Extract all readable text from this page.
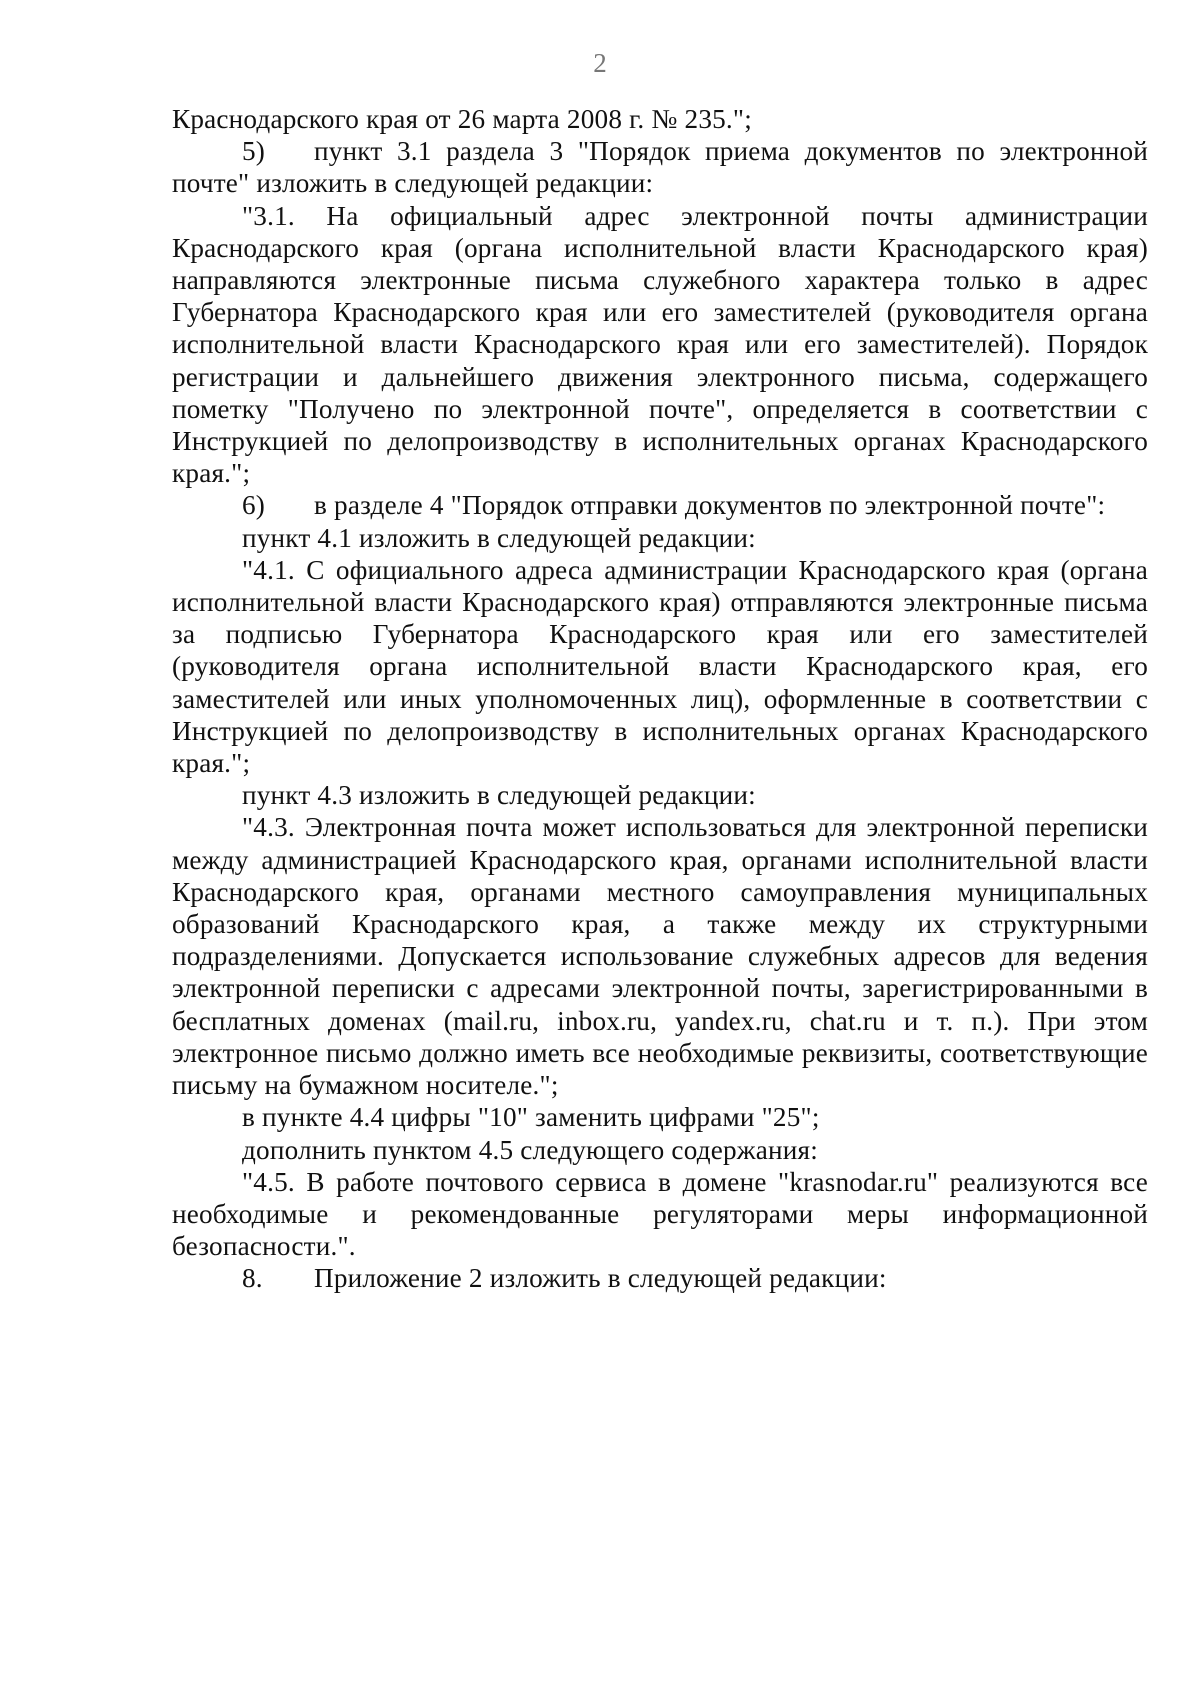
2

Краснодарского края от 26 марта 2008 г. № 235.";

5) пункт 3.1 раздела 3 "Порядок приема документов по электронной почте" изложить в следующей редакции:

"3.1. На официальный адрес электронной почты администрации Краснодарского края (органа исполнительной власти Краснодарского края) направляются электронные письма служебного характера только в адрес Губернатора Краснодарского края или его заместителей (руководителя органа исполнительной власти Краснодарского края или его заместителей). Порядок регистрации и дальнейшего движения электронного письма, содержащего пометку "Получено по электронной почте", определяется в соответствии с Инструкцией по делопроизводству в исполнительных органах Краснодарского края.";

6) в разделе 4 "Порядок отправки документов по электронной почте":

пункт 4.1 изложить в следующей редакции:

"4.1. С официального адреса администрации Краснодарского края (органа исполнительной власти Краснодарского края) отправляются электронные письма за подписью Губернатора Краснодарского края или его заместителей (руководителя органа исполнительной власти Краснодарского края, его заместителей или иных уполномоченных лиц), оформленные в соответствии с Инструкцией по делопроизводству в исполнительных органах Краснодарского края.";

пункт 4.3 изложить в следующей редакции:

"4.3. Электронная почта может использоваться для электронной переписки между администрацией Краснодарского края, органами исполнительной власти Краснодарского края, органами местного самоуправления муниципальных образований Краснодарского края, а также между их структурными подразделениями. Допускается использование служебных адресов для ведения электронной переписки с адресами электронной почты, зарегистрированными в бесплатных доменах (mail.ru, inbox.ru, yandex.ru, chat.ru и т. п.). При этом электронное письмо должно иметь все необходимые реквизиты, соответствующие письму на бумажном носителе.";

в пункте 4.4 цифры "10" заменить цифрами "25";

дополнить пунктом 4.5 следующего содержания:

"4.5. В работе почтового сервиса в домене "krasnodar.ru" реализуются все необходимые и рекомендованные регуляторами меры информационной безопасности.".

8. Приложение 2 изложить в следующей редакции:
